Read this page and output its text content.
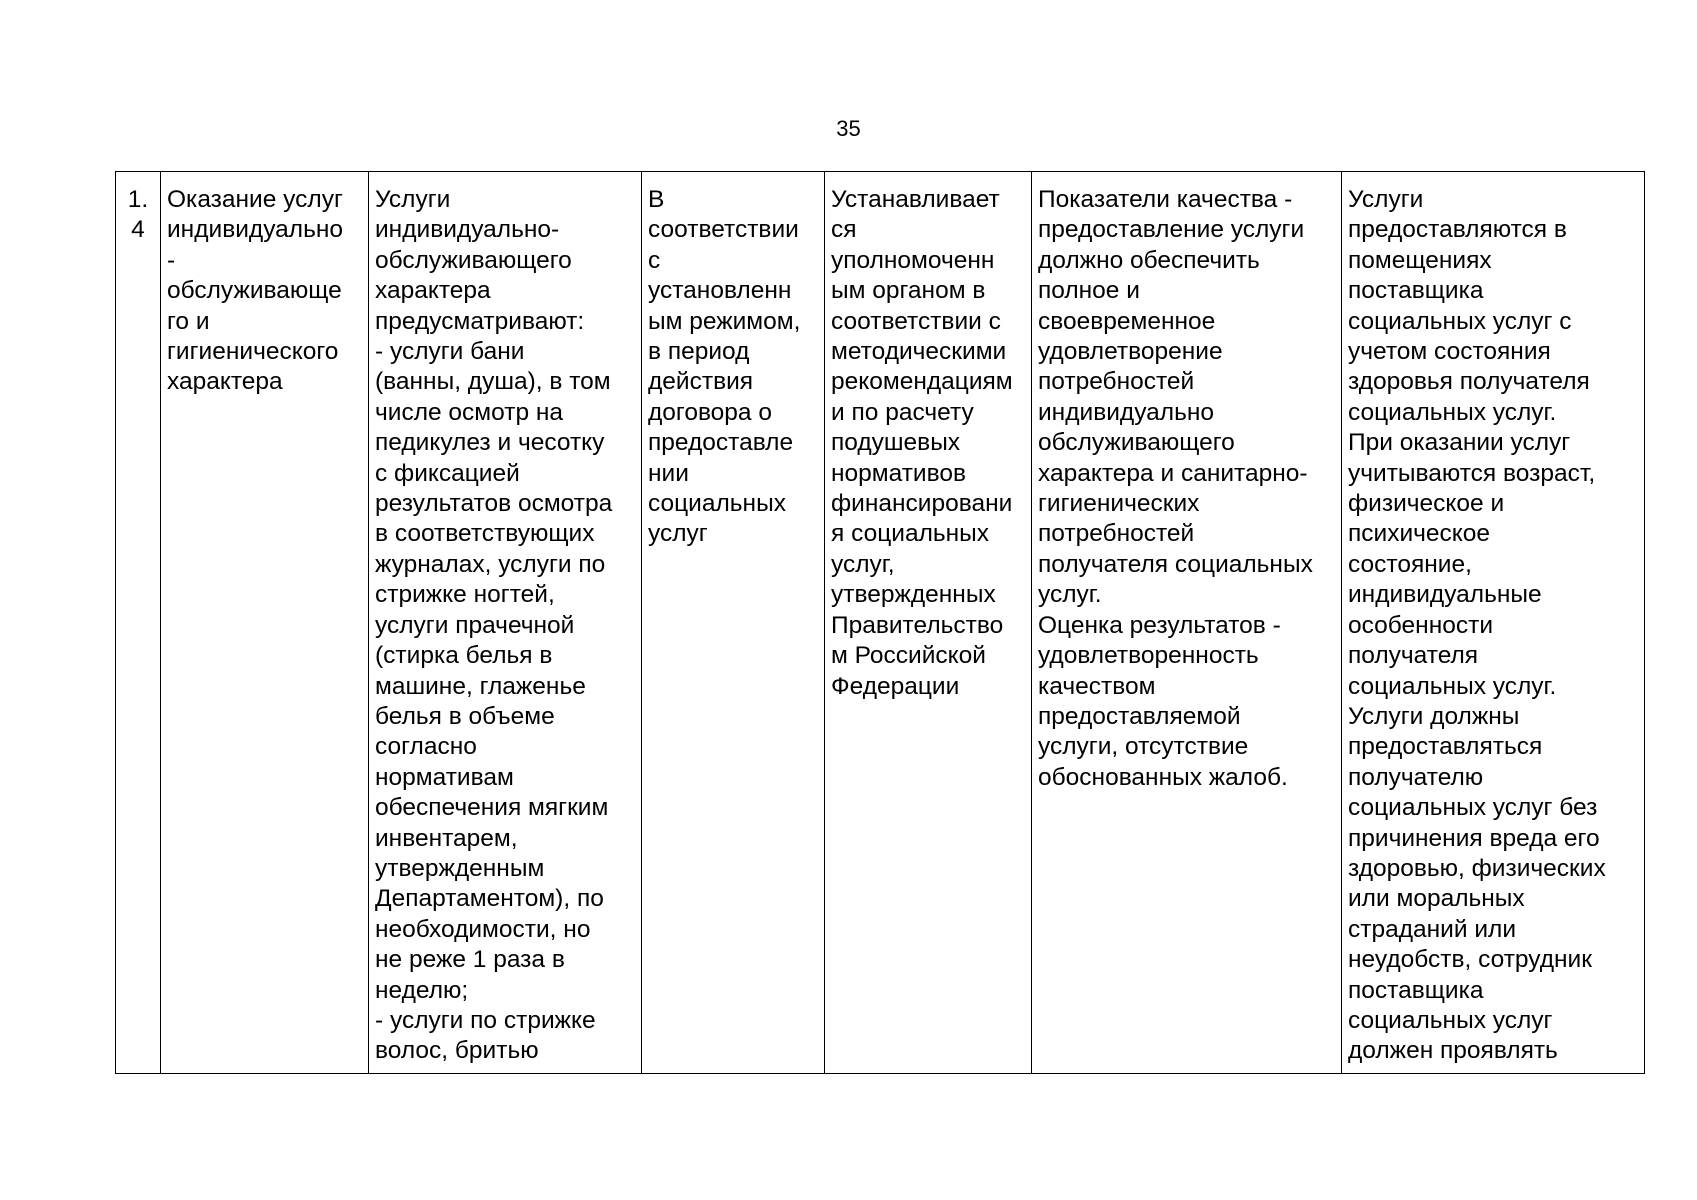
35
1.
4	Оказание услуг
индивидуально
-
обслуживающе
го и
гигиенического
характера	Услуги
индивидуально-
обслуживающего
характера
предусматривают:
- услуги бани
(ванны, душа), в том
числе осмотр на
педикулез и чесотку
с фиксацией
результатов осмотра
в соответствующих
журналах, услуги по
стрижке ногтей,
услуги прачечной
(стирка белья в
машине, глаженье
белья в объеме
согласно
нормативам
обеспечения мягким
инвентарем,
утвержденным
Департаментом), по
необходимости, но
не реже 1 раза в
неделю;
- услуги по стрижке
волос, бритью	В
соответствии
с
установленн
ым режимом,
в период
действия
договора о
предоставле
нии
социальных
услуг	Устанавливает
ся
уполномоченн
ым органом в
соответствии с
методическими
рекомендациям
и по расчету
подушевых
нормативов
финансировани
я социальных
услуг,
утвержденных
Правительство
м Российской
Федерации	Показатели качества -
предоставление услуги
должно обеспечить
полное и
своевременное
удовлетворение
потребностей
индивидуально
обслуживающего
характера и санитарно-
гигиенических
потребностей
получателя социальных
услуг.
Оценка результатов -
удовлетворенность
качеством
предоставляемой
услуги, отсутствие
обоснованных жалоб.	Услуги
предоставляются в
помещениях
поставщика
социальных услуг с
учетом состояния
здоровья получателя
социальных услуг.
При оказании услуг
учитываются возраст,
физическое и
психическое
состояние,
индивидуальные
особенности
получателя
социальных услуг.
Услуги должны
предоставляться
получателю
социальных услуг без
причинения вреда его
здоровью, физических
или моральных
страданий или
неудобств, сотрудник
поставщика
социальных услуг
должен проявлять
